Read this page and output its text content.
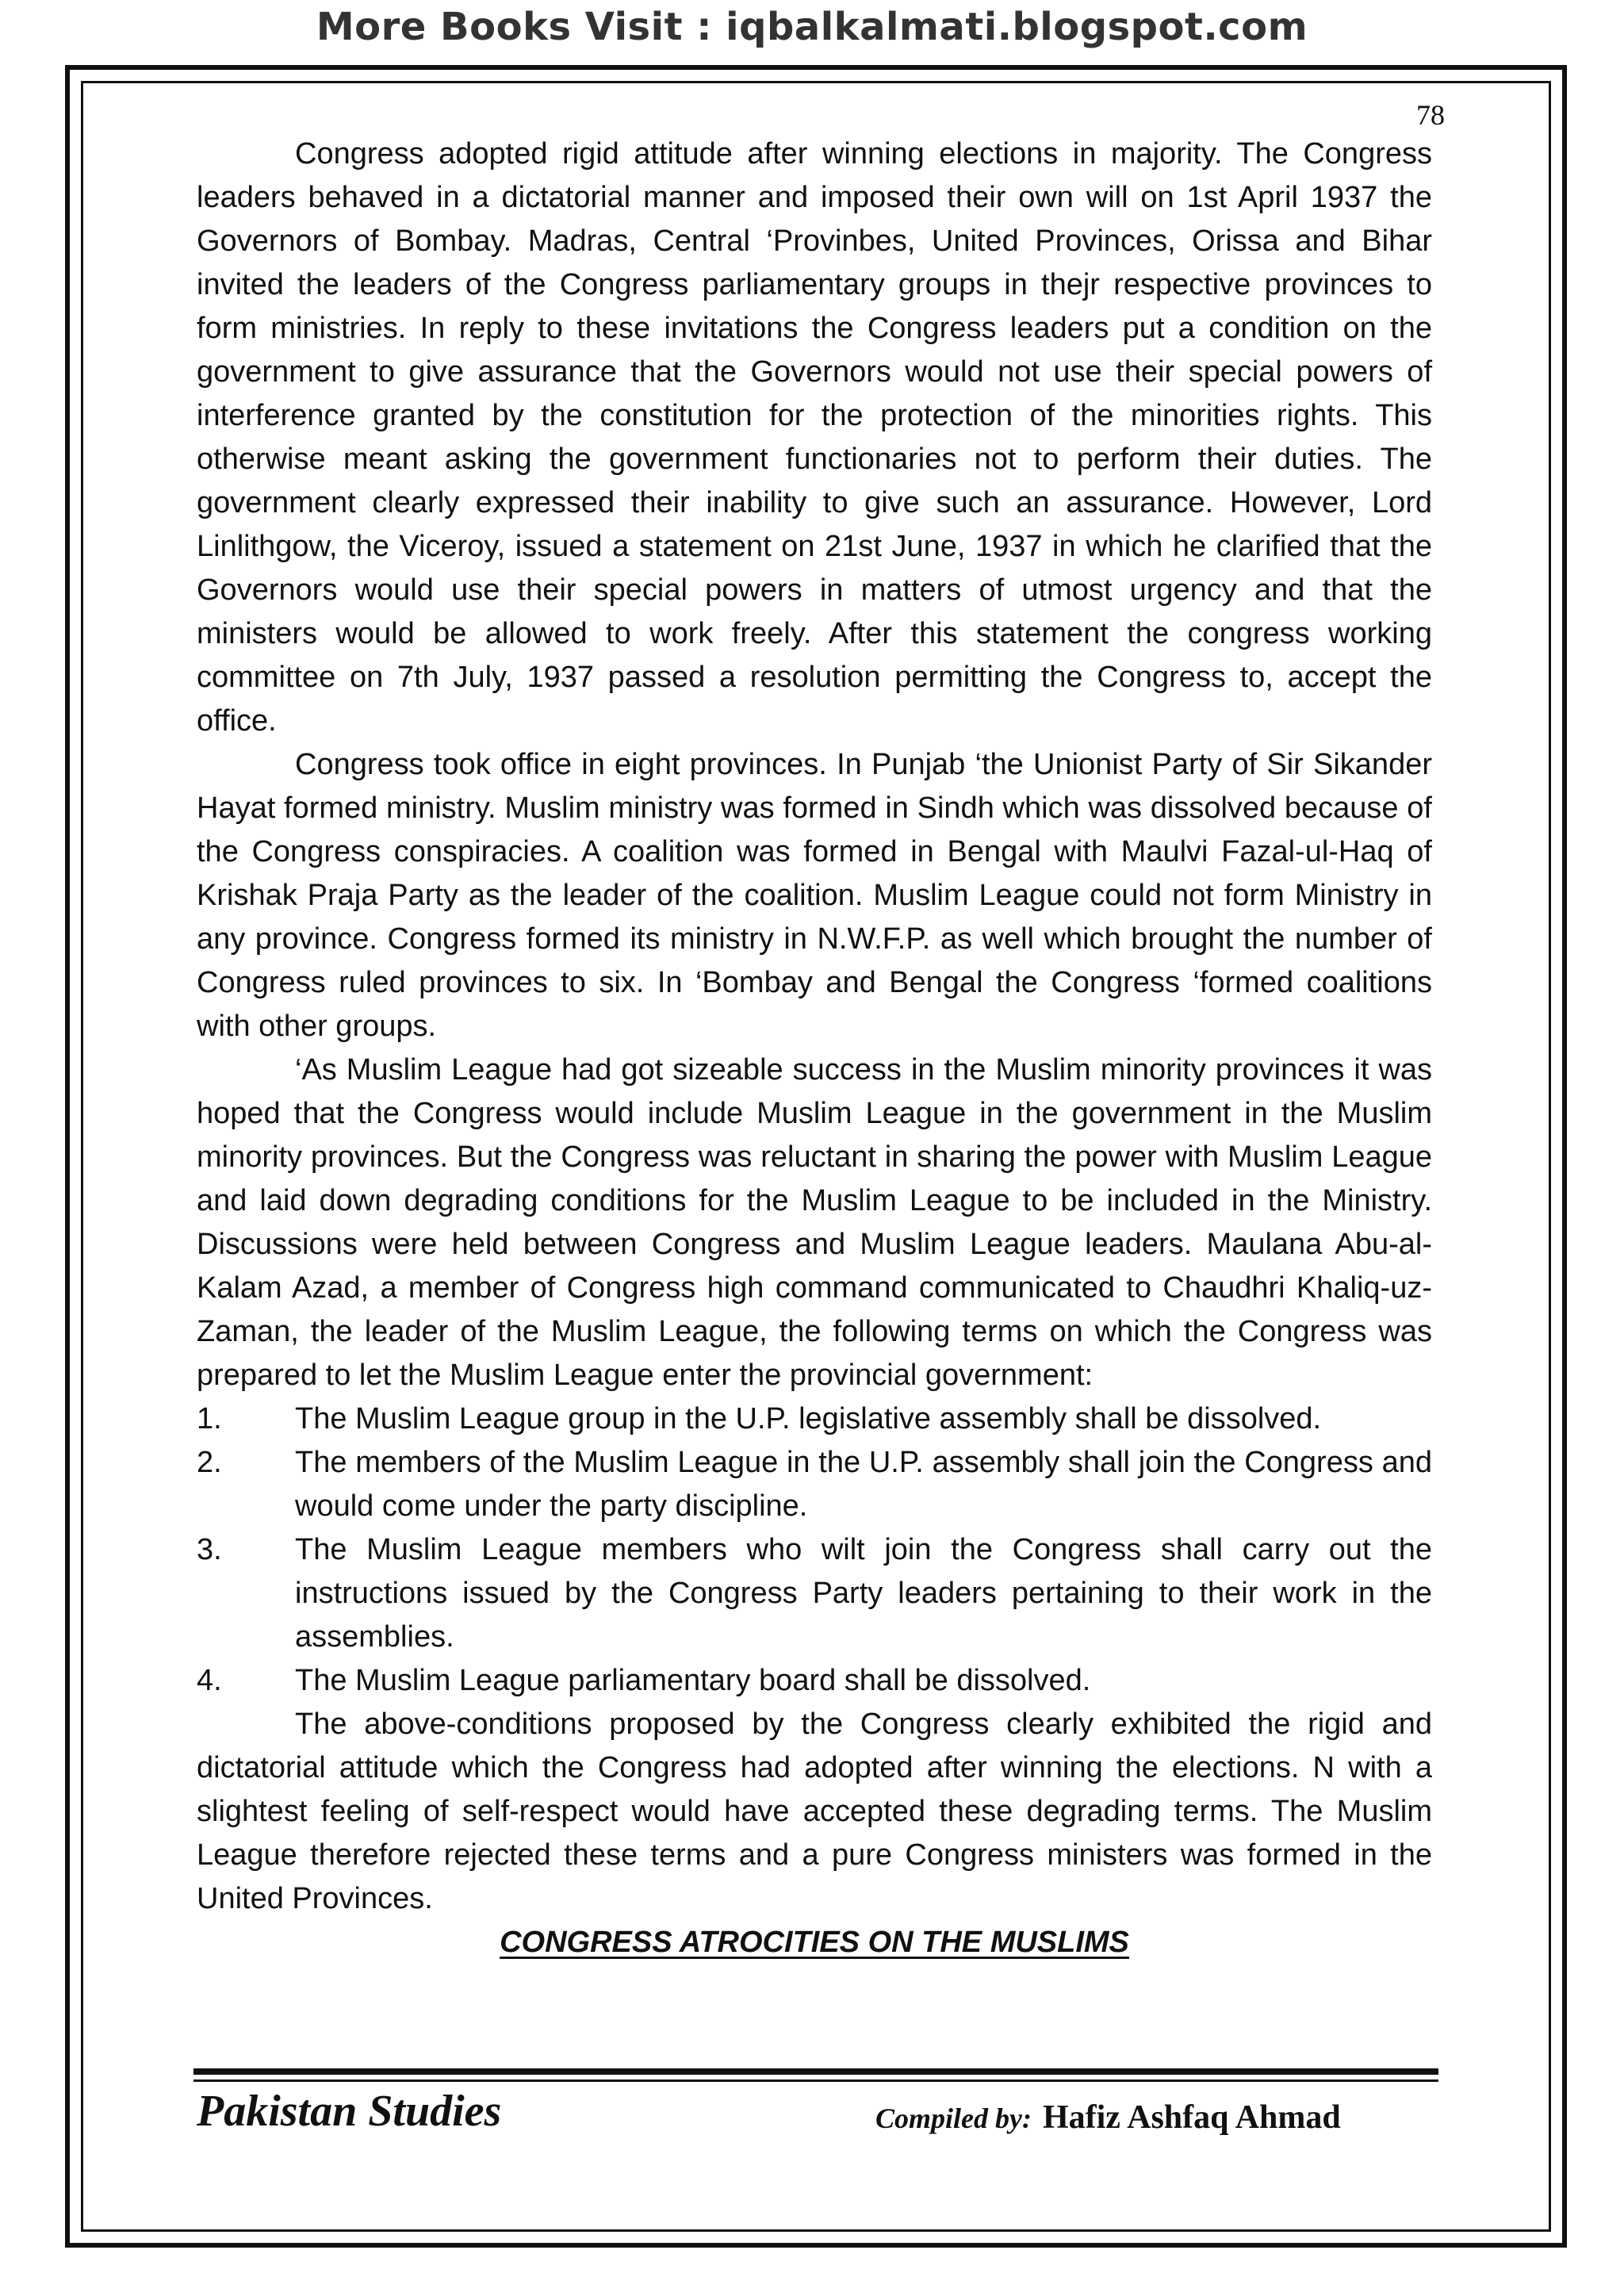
More Books Visit : iqbalkalmati.blogspot.com
78

Congress adopted rigid attitude after winning elections in majority. The Congress leaders behaved in a dictatorial manner and imposed their own will on 1st April 1937 the Governors of Bombay. Madras, Central ‘Provinbes, United Provinces, Orissa and Bihar invited the leaders of the Congress parliamentary groups in thejr respective provinces to form ministries. In reply to these invitations the Congress leaders put a condition on the government to give assurance that the Governors would not use their special powers of interference granted by the constitution for the protection of the minorities rights. This otherwise meant asking the government functionaries not to perform their duties. The government clearly expressed their inability to give such an assurance. However, Lord Linlithgow, the Viceroy, issued a statement on 21st June, 1937 in which he clarified that the Governors would use their special powers in matters of utmost urgency and that the ministers would be allowed to work freely. After this statement the congress working committee on 7th July, 1937 passed a resolution permitting the Congress to, accept the office.

Congress took office in eight provinces. In Punjab ‘the Unionist Party of Sir Sikander Hayat formed ministry. Muslim ministry was formed in Sindh which was dissolved because of the Congress conspiracies. A coalition was formed in Bengal with Maulvi Fazal-ul-Haq of Krishak Praja Party as the leader of the coalition. Muslim League could not form Ministry in any province. Congress formed its ministry in N.W.F.P. as well which brought the number of Congress ruled provinces to six. In ‘Bombay and Bengal the Congress ‘formed coalitions with other groups.

‘As Muslim League had got sizeable success in the Muslim minority provinces it was hoped that the Congress would include Muslim League in the government in the Muslim minority provinces. But the Congress was reluctant in sharing the power with Muslim League and laid down degrading conditions for the Muslim League to be included in the Ministry. Discussions were held between Congress and Muslim League leaders. Maulana Abu-al-Kalam Azad, a member of Congress high command communicated to Chaudhri Khaliq-uz-Zaman, the leader of the Muslim League, the following terms on which the Congress was prepared to let the Muslim League enter the provincial government:

1.	The Muslim League group in the U.P. legislative assembly shall be dissolved.
2.	The members of the Muslim League in the U.P. assembly shall join the Congress and would come under the party discipline.
3.	The Muslim League members who wilt join the Congress shall carry out the instructions issued by the Congress Party leaders pertaining to their work in the assemblies.
4.	The Muslim League parliamentary board shall be dissolved.

The above-conditions proposed by the Congress clearly exhibited the rigid and dictatorial attitude which the Congress had adopted after winning the elections. N with a slightest feeling of self-respect would have accepted these degrading terms. The Muslim League therefore rejected these terms and a pure Congress ministers was formed in the United Provinces.

CONGRESS ATROCITIES ON THE MUSLIMS
Pakistan Studies	Compiled by: Hafiz Ashfaq Ahmad
